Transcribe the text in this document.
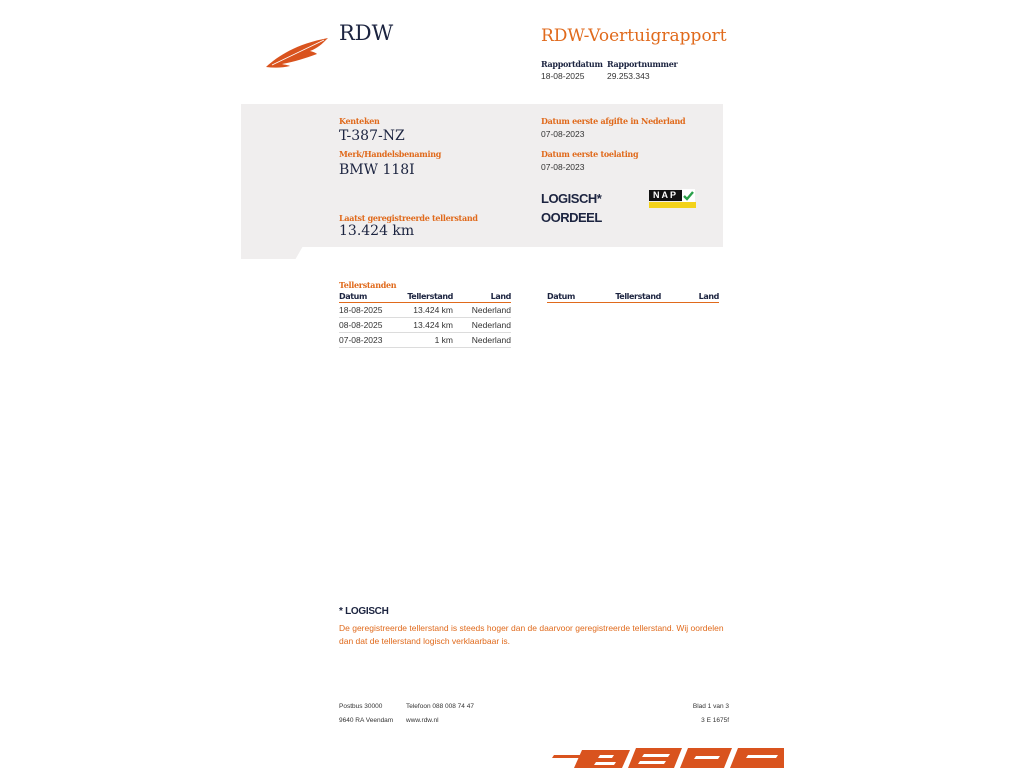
RDW	RDW-Voertuigrapport
Rapportdatum
18-08-2025
Rapportnummer
29.253.343
Kenteken
T-387-NZ
Merk/Handelsbenaming
BMW 118I
Laatst geregistreerde tellerstand
13.424 km
Datum eerste afgifte in Nederland
07-08-2023
Datum eerste toelating
07-08-2023
LOGISCH*
OORDEEL
NAP
Tellerstanden
Datum	Tellerstand	Land
18-08-2025	13.424 km	Nederland
08-08-2025	13.424 km	Nederland
07-08-2023	1 km	Nederland
Datum	Tellerstand	Land
* LOGISCH
De geregistreerde tellerstand is steeds hoger dan de daarvoor geregistreerde tellerstand. Wij oordelen dan dat de tellerstand logisch verklaarbaar is.
Postbus 30000
9640 RA Veendam
Telefoon 088 008 74 47
www.rdw.nl
Blad 1 van 3
3 E 1675f
